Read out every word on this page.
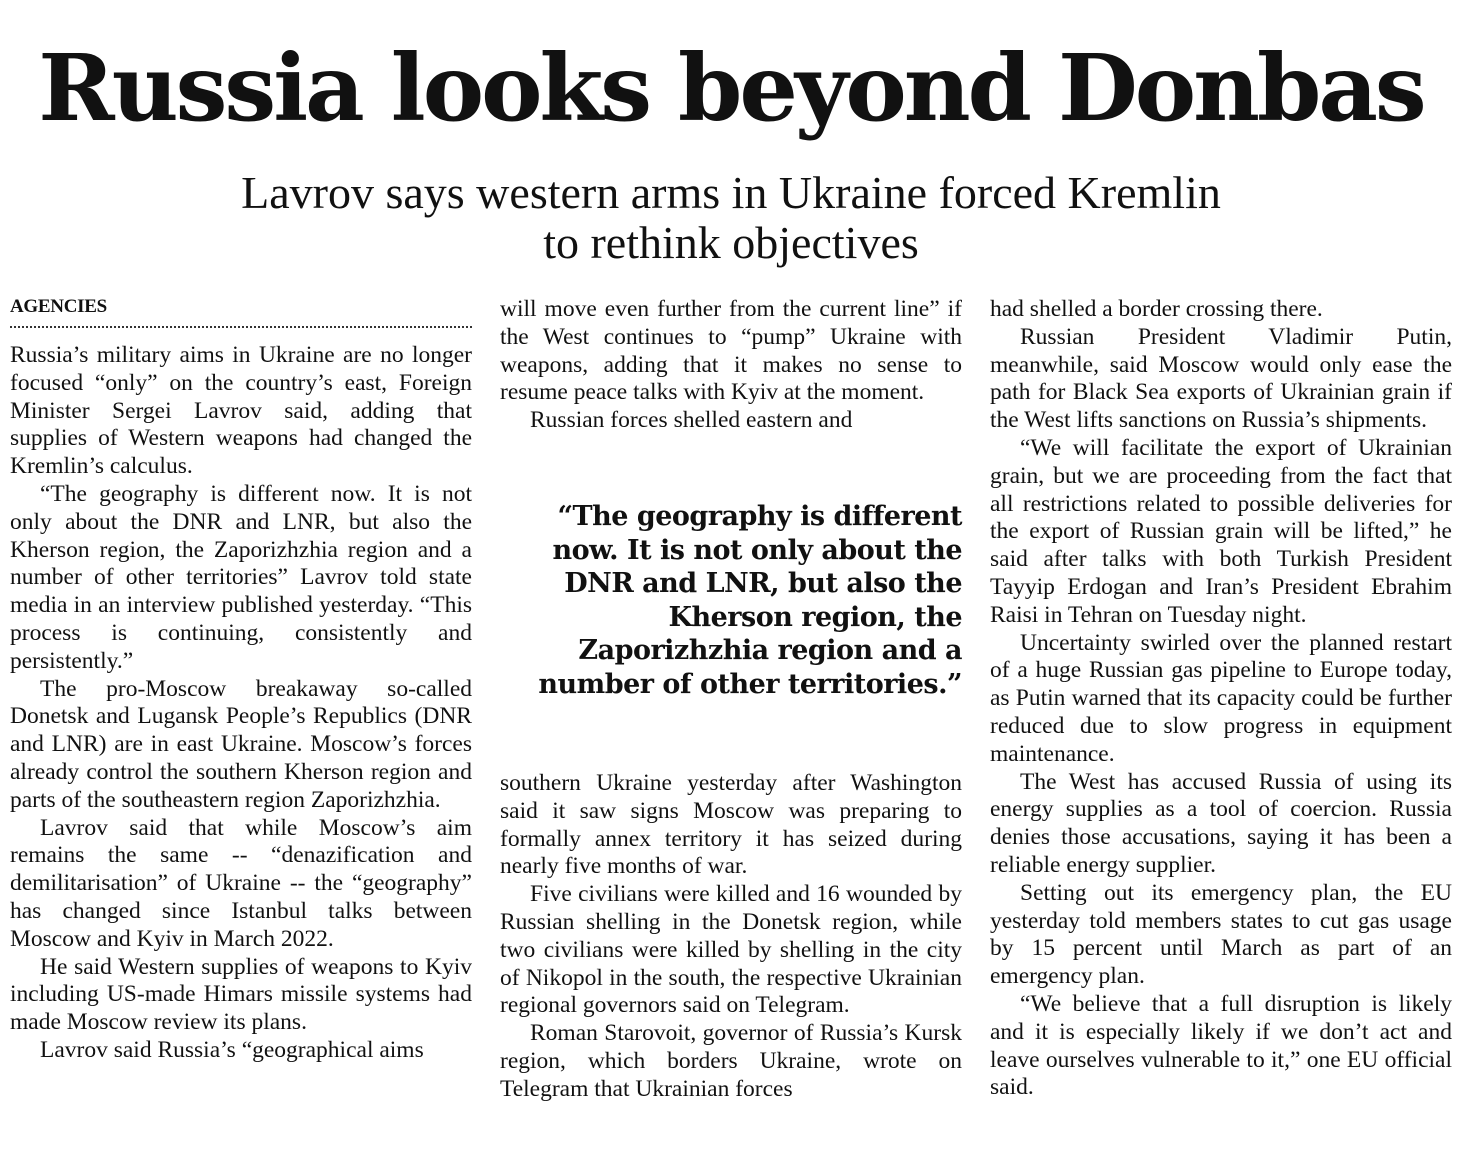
Russia looks beyond Donbas
Lavrov says western arms in Ukraine forced Kremlin to rethink objectives
AGENCIES

Russia’s military aims in Ukraine are no longer focused “only” on the country’s east, Foreign Minister Sergei Lavrov said, adding that supplies of Western weapons had changed the Kremlin’s calculus.

“The geography is different now. It is not only about the DNR and LNR, but also the Kherson region, the Zaporizhzhia region and a number of other territories” Lavrov told state media in an interview published yesterday. “This process is continuing, consistently and persistently.”

The pro-Moscow breakaway so-called Donetsk and Lugansk People’s Republics (DNR and LNR) are in east Ukraine. Moscow’s forces already control the southern Kherson region and parts of the southeastern region Zaporizhzhia.

Lavrov said that while Moscow’s aim remains the same -- “denazification and demilitarisation” of Ukraine -- the “geography” has changed since Istanbul talks between Moscow and Kyiv in March 2022.

He said Western supplies of weapons to Kyiv including US-made Himars missile systems had made Moscow review its plans.

Lavrov said Russia’s “geographical aims

will move even further from the current line” if the West continues to “pump” Ukraine with weapons, adding that it makes no sense to resume peace talks with Kyiv at the moment.

Russian forces shelled eastern and

“The geography is different now. It is not only about the DNR and LNR, but also the Kherson region, the Zaporizhzhia region and a number of other territories.”

southern Ukraine yesterday after Washington said it saw signs Moscow was preparing to formally annex territory it has seized during nearly five months of war.

Five civilians were killed and 16 wounded by Russian shelling in the Donetsk region, while two civilians were killed by shelling in the city of Nikopol in the south, the respective Ukrainian regional governors said on Telegram.

Roman Starovoit, governor of Russia’s Kursk region, which borders Ukraine, wrote on Telegram that Ukrainian forces

had shelled a border crossing there.

Russian President Vladimir Putin, meanwhile, said Moscow would only ease the path for Black Sea exports of Ukrainian grain if the West lifts sanctions on Russia’s shipments.

“We will facilitate the export of Ukrainian grain, but we are proceeding from the fact that all restrictions related to possible deliveries for the export of Russian grain will be lifted,” he said after talks with both Turkish President Tayyip Erdogan and Iran’s President Ebrahim Raisi in Tehran on Tuesday night.

Uncertainty swirled over the planned restart of a huge Russian gas pipeline to Europe today, as Putin warned that its capacity could be further reduced due to slow progress in equipment maintenance.

The West has accused Russia of using its energy supplies as a tool of coercion. Russia denies those accusations, saying it has been a reliable energy supplier.

Setting out its emergency plan, the EU yesterday told members states to cut gas usage by 15 percent until March as part of an emergency plan.

“We believe that a full disruption is likely and it is especially likely if we don’t act and leave ourselves vulnerable to it,” one EU official said.
